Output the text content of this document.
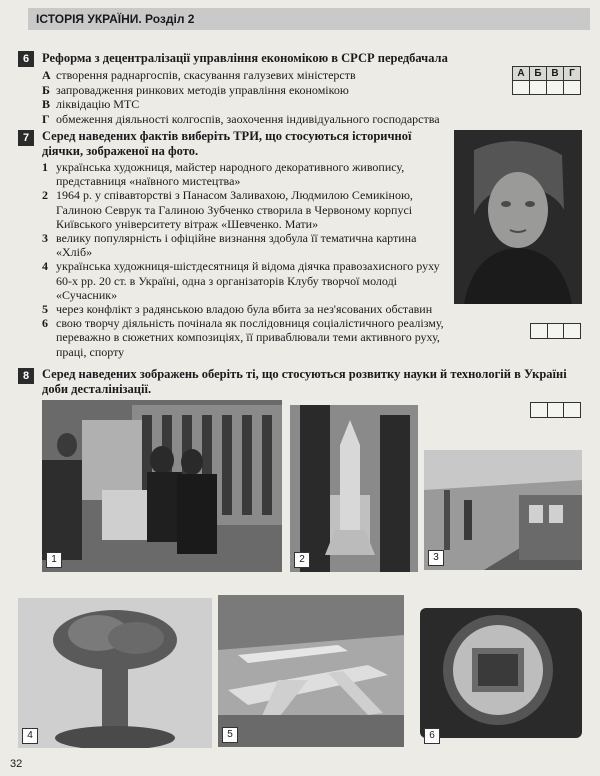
ІСТОРІЯ УКРАЇНИ. Розділ 2
6	Реформа з децентралізації управління економікою в СРСР передбачала
А створення раднаргоспів, скасування галузевих міністерств
Б запровадження ринкових методів управління економікою
В ліквідацію МТС
Г обмеження діяльності колгоспів, заохочення індивідуального господарства
А Б В	Г
7	Серед наведених фактів виберіть ТРИ, що стосуються історичної діячки, зображеної на фото.
1 українська художниця, майстер народного декоративного живопису, представниця «наївного мистецтва»
2 1964 р. у співавторстві з Панасом Заливахою, Людмилою Семикіною, Галиною Севрук та Галиною Зубченко створила в Червоному корпусі Київського університету вітраж «Шевченко. Мати»
3 велику популярність і офіційне визнання здобула її тематична картина «Хліб»
4 українська художниця-шістдесятниця й відома діячка правозахисного руху 60-х рр. 20 ст. в Україні, одна з організаторів Клубу творчої молоді «Сучасник»
5 через конфлікт з радянською владою була вбита за нез'ясованих обставин
6 свою творчу діяльність почінала як послідовниця соціалістичного реалізму, переважно в сюжетних композиціях, її приваблювали теми активного руху, праці, спорту
8	Серед наведених зображень оберіть ті, що стосуються розвитку науки й технологій в Україні доби десталінізації.
1	2	3
4	5	6
32
